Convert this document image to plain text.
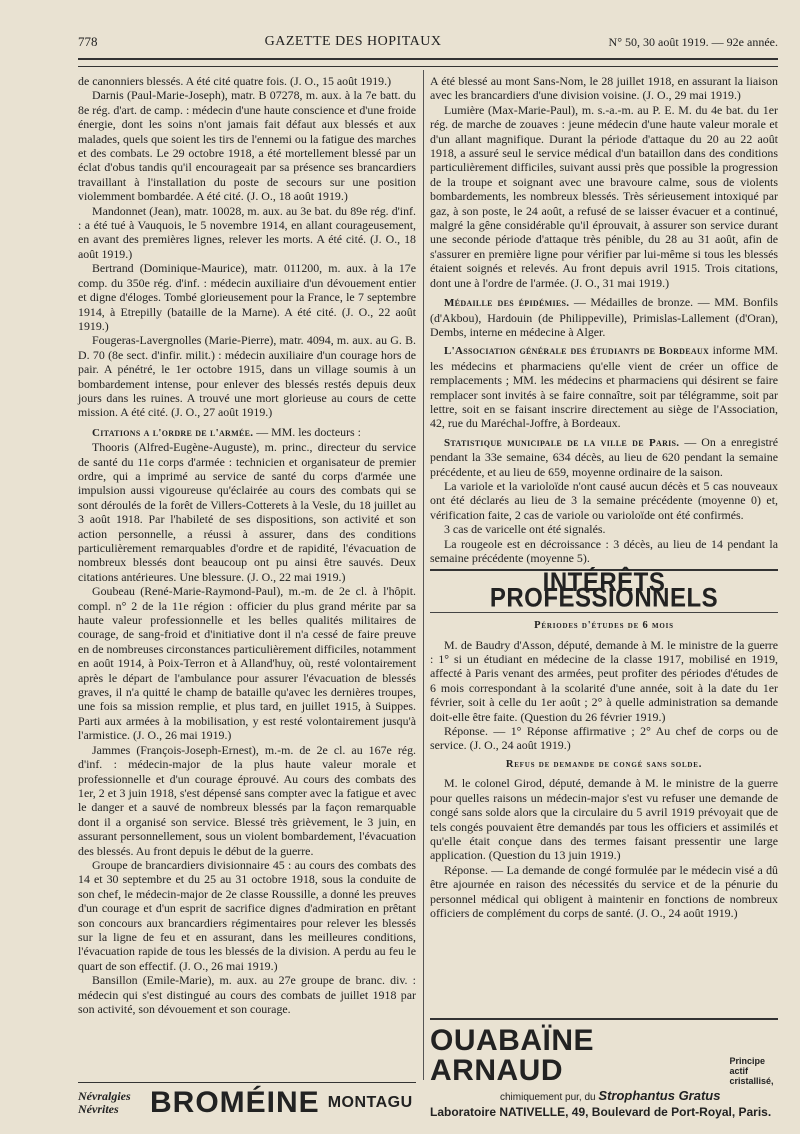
778	GAZETTE DES HOPITAUX	N° 50, 30 août 1919. — 92e année.

de canonniers blessés. A été cité quatre fois. (J. O., 15 août 1919.)

Darnis (Paul-Marie-Joseph), matr. B 07278, m. aux. à la 7e batt. du 8e rég. d'art. de camp. : médecin d'une haute conscience et d'une froide énergie, dont les soins n'ont jamais fait défaut aux blessés et aux malades, quels que soient les tirs de l'ennemi ou la fatigue des marches et des combats. Le 29 octobre 1918, a été mortellement blessé par un éclat d'obus tandis qu'il encourageait par sa présence ses brancardiers travaillant à l'installation du poste de secours sur une position violemment bombardée. A été cité. (J. O., 18 août 1919.)

Mandonnet (Jean), matr. 10028, m. aux. au 3e bat. du 89e rég. d'inf. : a été tué à Vauquois, le 5 novembre 1914, en allant courageusement, en avant des premières lignes, relever les morts. A été cité. (J. O., 18 août 1919.)

Bertrand (Dominique-Maurice), matr. 011200, m. aux. à la 17e comp. du 350e rég. d'inf. : médecin auxiliaire d'un dévouement entier et digne d'éloges. Tombé glorieusement pour la France, le 7 septembre 1914, à Etrepilly (bataille de la Marne). A été cité. (J. O., 22 août 1919.)

Fougeras-Lavergnolles (Marie-Pierre), matr. 4094, m. aux. au G. B. D. 70 (8e sect. d'infir. milit.) : médecin auxiliaire d'un courage hors de pair. A pénétré, le 1er octobre 1915, dans un village soumis à un bombardement intense, pour enlever des blessés restés depuis deux jours dans les ruines. A trouvé une mort glorieuse au cours de cette mission. A été cité. (J. O., 27 août 1919.)

Citations a l'ordre de l'armée. — MM. les docteurs :

Thooris (Alfred-Eugène-Auguste), m. princ., directeur du service de santé du 11e corps d'armée : technicien et organisateur de premier ordre, qui a imprimé au service de santé du corps d'armée une impulsion aussi vigoureuse qu'éclairée au cours des combats qui se sont déroulés de la forêt de Villers-Cotterets à la Vesle, du 18 juillet au 3 août 1918. Par l'habileté de ses dispositions, son activité et son action personnelle, a réussi à assurer, dans des conditions particulièrement remarquables d'ordre et de rapidité, l'évacuation de nombreux blessés dont beaucoup ont pu ainsi être sauvés. Deux citations antérieures. Une blessure. (J. O., 22 mai 1919.)

Goubeau (René-Marie-Raymond-Paul), m.-m. de 2e cl. à l'hôpit. compl. n° 2 de la 11e région : officier du plus grand mérite par sa haute valeur professionnelle et les belles qualités militaires de courage, de sang-froid et d'initiative dont il n'a cessé de faire preuve en de nombreuses circonstances particulièrement difficiles, notamment en août 1914, à Poix-Terron et à Alland'huy, où, resté volontairement après le départ de l'ambulance pour assurer l'évacuation de blessés graves, il n'a quitté le champ de bataille qu'avec les dernières troupes, une fois sa mission remplie, et plus tard, en juillet 1915, à Suippes. Parti aux armées à la mobilisation, y est resté volontairement jusqu'à l'armistice. (J. O., 26 mai 1919.)

Jammes (François-Joseph-Ernest), m.-m. de 2e cl. au 167e rég. d'inf. : médecin-major de la plus haute valeur morale et professionnelle et d'un courage éprouvé. Au cours des combats des 1er, 2 et 3 juin 1918, s'est dépensé sans compter avec la fatigue et avec le danger et a sauvé de nombreux blessés par la façon remarquable dont il a organisé son service. Blessé très grièvement, le 3 juin, en assurant personnellement, sous un violent bombardement, l'évacuation des blessés. Au front depuis le début de la guerre.

Groupe de brancardiers divisionnaire 45 : au cours des combats des 14 et 30 septembre et du 25 au 31 octobre 1918, sous la conduite de son chef, le médecin-major de 2e classe Roussille, a donné les preuves d'un courage et d'un esprit de sacrifice dignes d'admiration en prêtant son concours aux brancardiers régimentaires pour relever les blessés sur la ligne de feu et en assurant, dans les meilleures conditions, l'évacuation rapide de tous les blessés de la division. A perdu au feu le quart de son effectif. (J. O., 26 mai 1919.)

Bansillon (Emile-Marie), m. aux. au 27e groupe de branc. div. : médecin qui s'est distingué au cours des combats de juillet 1918 par son activité, son dévouement et son courage.

A été blessé au mont Sans-Nom, le 28 juillet 1918, en assurant la liaison avec les brancardiers d'une division voisine. (J. O., 29 mai 1919.)

Lumière (Max-Marie-Paul), m. s.-a.-m. au P. E. M. du 4e bat. du 1er rég. de marche de zouaves : jeune médecin d'une haute valeur morale et d'un allant magnifique. Durant la période d'attaque du 20 au 22 août 1918, a assuré seul le service médical d'un bataillon dans des conditions particulièrement difficiles, suivant aussi près que possible la progression de la troupe et soignant avec une bravoure calme, sous de violents bombardements, les nombreux blessés. Très sérieusement intoxiqué par gaz, à son poste, le 24 août, a refusé de se laisser évacuer et a continué, malgré la gêne considérable qu'il éprouvait, à assurer son service durant une seconde période d'attaque très pénible, du 28 au 31 août, afin de s'assurer en première ligne pour vérifier par lui-même si tous les blessés étaient soignés et relevés. Au front depuis avril 1915. Trois citations, dont une à l'ordre de l'armée. (J. O., 31 mai 1919.)

Médaille des épidémies. — Médailles de bronze. — MM. Bonfils (d'Akbou), Hardouin (de Philippeville), Primislas-Lallement (d'Oran), Dembs, interne en médecine à Alger.

L'Association générale des étudiants de Bordeaux informe MM. les médecins et pharmaciens qu'elle vient de créer un office de remplacements ; MM. les médecins et pharmaciens qui désirent se faire remplacer sont invités à se faire connaître, soit par télégramme, soit par lettre, soit en se faisant inscrire directement au siège de l'Association, 42, rue du Maréchal-Joffre, à Bordeaux.

Statistique municipale de la ville de Paris. — On a enregistré pendant la 33e semaine, 634 décès, au lieu de 620 pendant la semaine précédente, et au lieu de 659, moyenne ordinaire de la saison.

La variole et la varioloïde n'ont causé aucun décès et 5 cas nouveaux ont été déclarés au lieu de 3 la semaine précédente (moyenne 0) et, vérification faite, 2 cas de variole ou varioloïde ont été confirmés.

3 cas de varicelle ont été signalés.

La rougeole est en décroissance : 3 décès, au lieu de 14 pendant la semaine précédente (moyenne 5).

INTÉRÊTS PROFESSIONNELS
Périodes d'études de 6 mois

M. de Baudry d'Asson, député, demande à M. le ministre de la guerre : 1° si un étudiant en médecine de la classe 1917, mobilisé en 1919, affecté à Paris venant des armées, peut profiter des périodes d'études de 6 mois correspondant à la scolarité d'une année, soit à la date du 1er février, soit à celle du 1er août ; 2° à quelle administration sa demande doit-elle être faite. (Question du 26 février 1919.)

Réponse. — 1° Réponse affirmative ; 2° Au chef de corps ou de service. (J. O., 24 août 1919.)

Refus de demande de congé sans solde.

M. le colonel Girod, député, demande à M. le ministre de la guerre pour quelles raisons un médecin-major s'est vu refuser une demande de congé sans solde alors que la circulaire du 5 avril 1919 prévoyait que de tels congés pouvaient être demandés par tous les officiers et assimilés et qu'elle était conçue dans des termes faisant pressentir une large application. (Question du 13 juin 1919.)

Réponse. — La demande de congé formulée par le médecin visé a dû être ajournée en raison des nécessités du service et de la pénurie du personnel médical qui obligent à maintenir en fonctions de nombreux officiers de complément du corps de santé. (J. O., 24 août 1919.)

Névralgies
Névrites	BROMÉINE MONTAGU
OUABAÏNE ARNAUD	Principe actif cristallisé,
chimiquement pur, du Strophantus Gratus
Laboratoire NATIVELLE, 49, Boulevard de Port-Royal, Paris.
